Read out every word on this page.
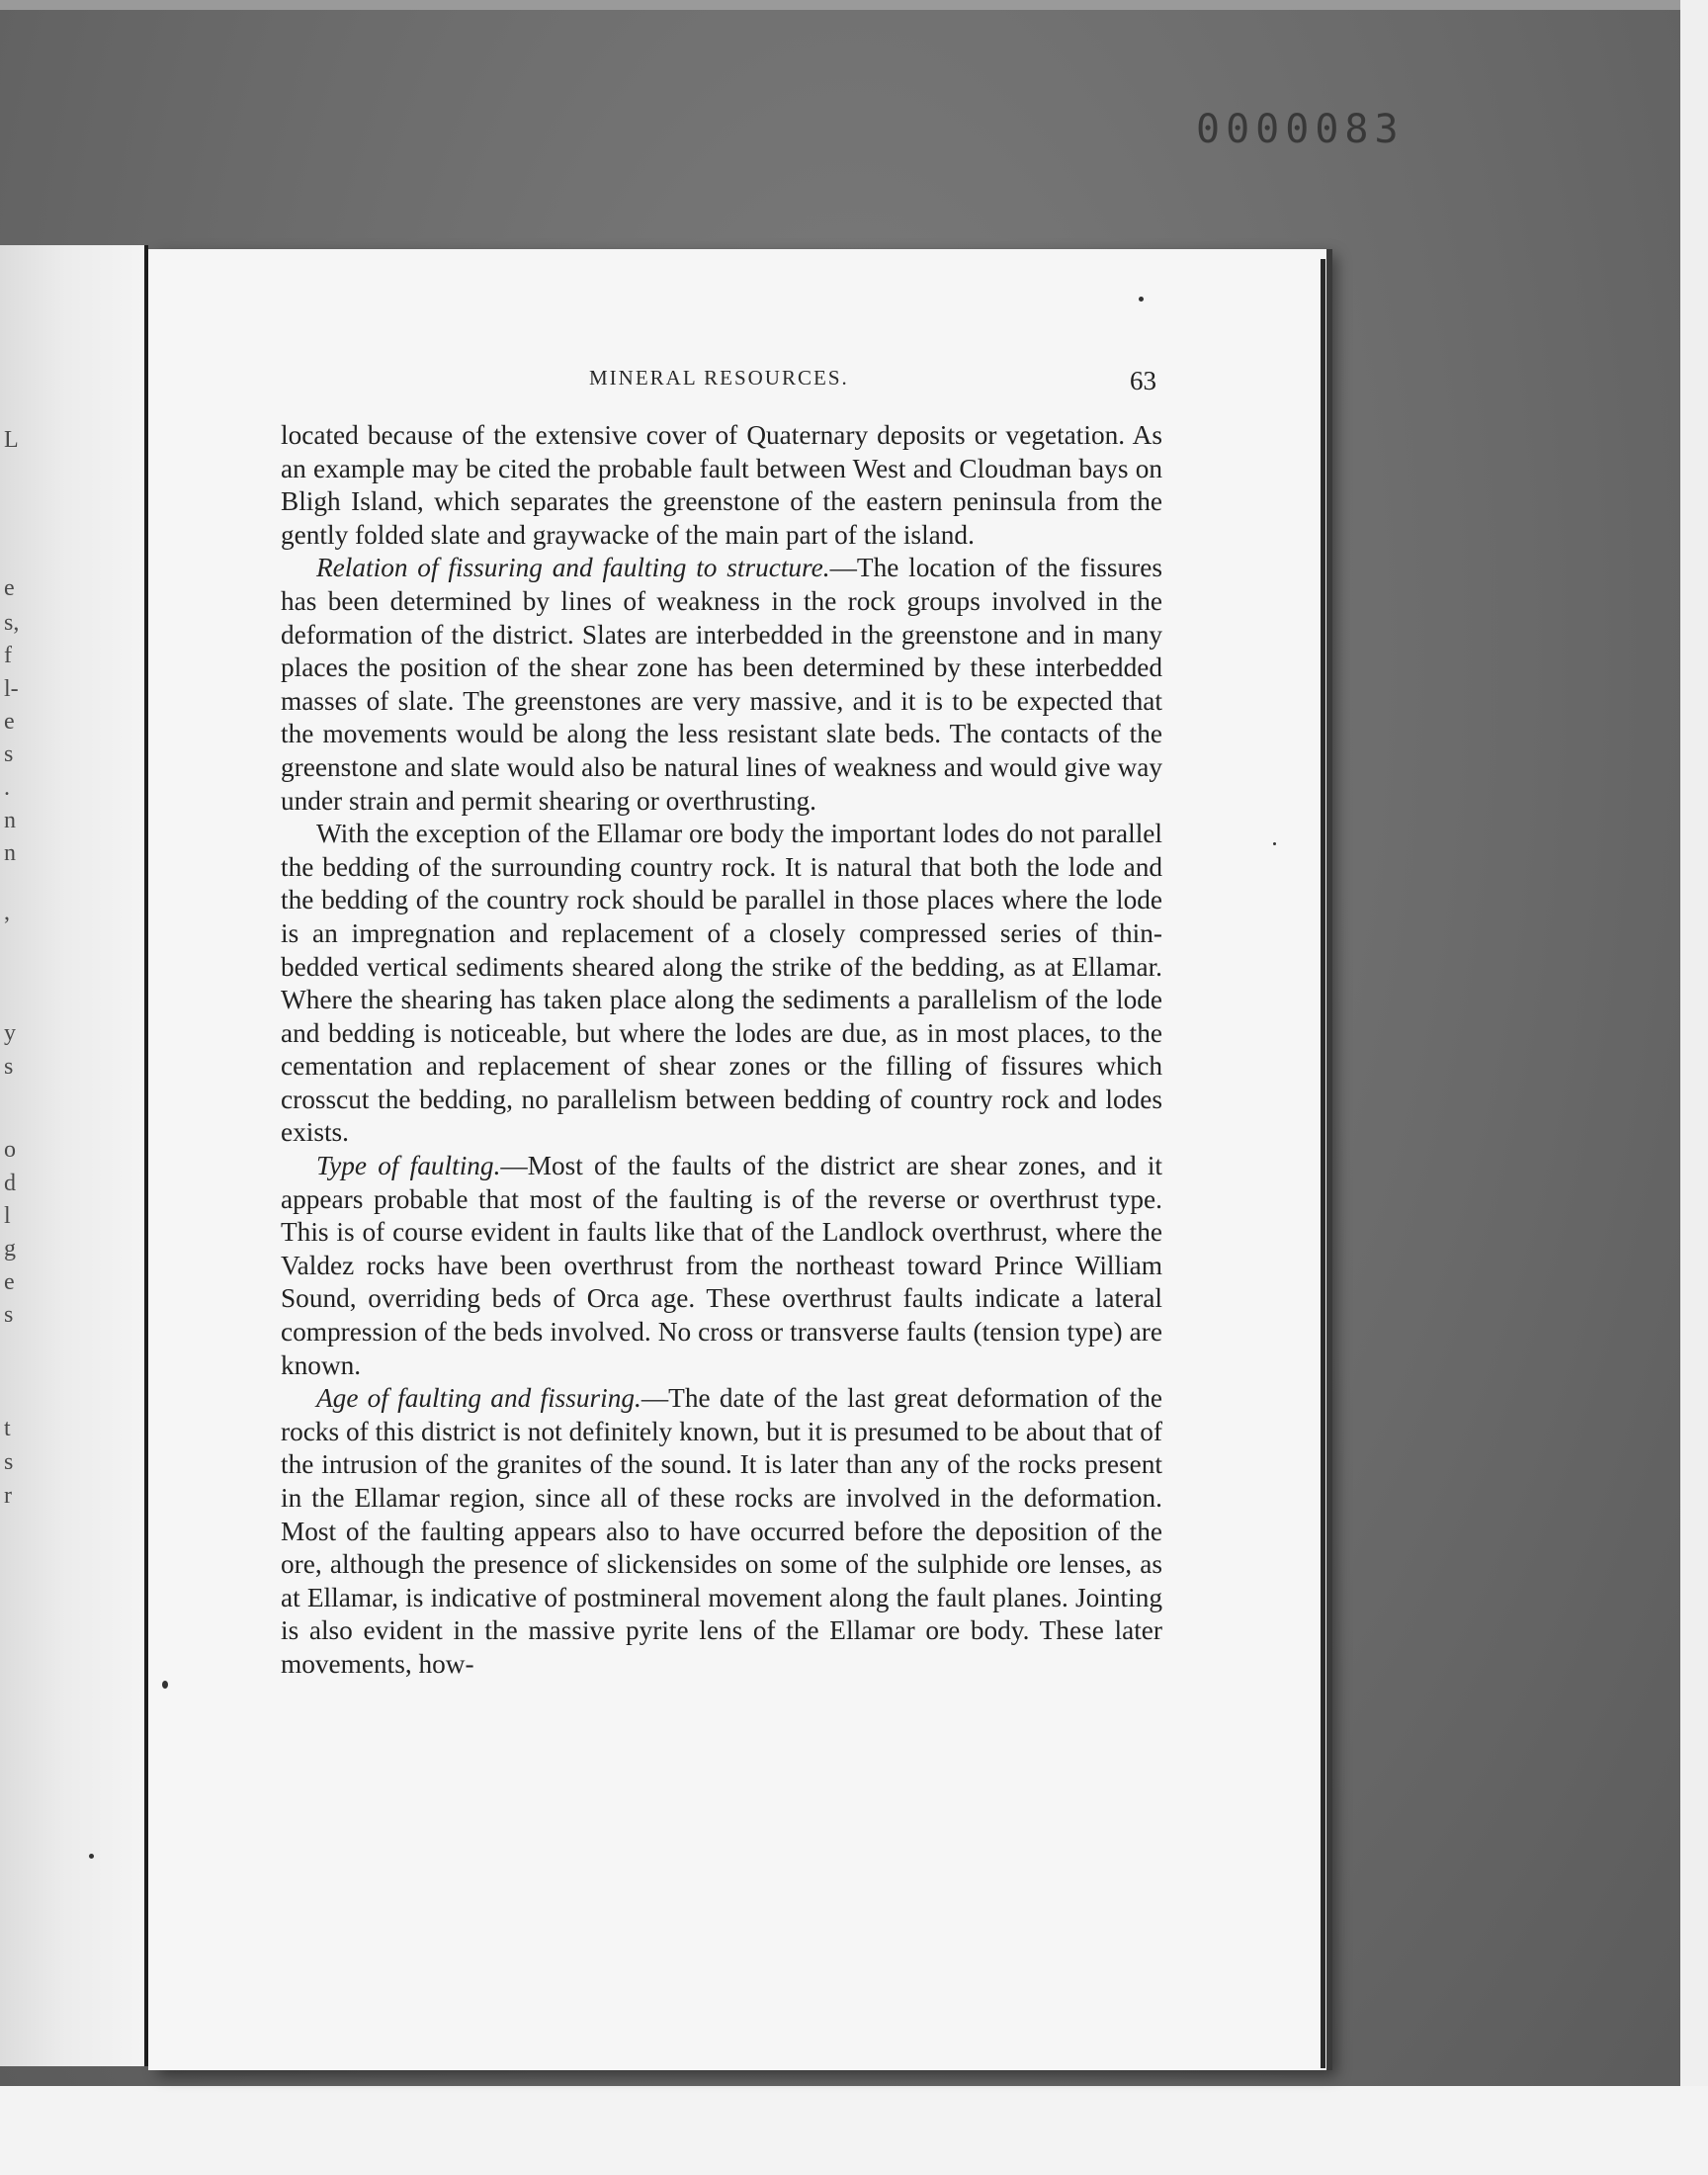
0000083
L
e
s,
f
l-
e
s
.
n
n
,
y
s
o
d
l
g
e
s
t
s
r
MINERAL RESOURCES.	63

located because of the extensive cover of Quaternary deposits or vegetation. As an example may be cited the probable fault between West and Cloudman bays on Bligh Island, which separates the greenstone of the eastern peninsula from the gently folded slate and graywacke of the main part of the island.

Relation of fissuring and faulting to structure.—The location of the fissures has been determined by lines of weakness in the rock groups involved in the deformation of the district. Slates are interbedded in the greenstone and in many places the position of the shear zone has been determined by these interbedded masses of slate. The greenstones are very massive, and it is to be expected that the movements would be along the less resistant slate beds. The contacts of the greenstone and slate would also be natural lines of weakness and would give way under strain and permit shearing or overthrusting.

With the exception of the Ellamar ore body the important lodes do not parallel the bedding of the surrounding country rock. It is natural that both the lode and the bedding of the country rock should be parallel in those places where the lode is an impregnation and replacement of a closely compressed series of thin-bedded vertical sediments sheared along the strike of the bedding, as at Ellamar. Where the shearing has taken place along the sediments a parallelism of the lode and bedding is noticeable, but where the lodes are due, as in most places, to the cementation and replacement of shear zones or the filling of fissures which crosscut the bedding, no parallelism between bedding of country rock and lodes exists.

Type of faulting.—Most of the faults of the district are shear zones, and it appears probable that most of the faulting is of the reverse or overthrust type. This is of course evident in faults like that of the Landlock overthrust, where the Valdez rocks have been overthrust from the northeast toward Prince William Sound, overriding beds of Orca age. These overthrust faults indicate a lateral compression of the beds involved. No cross or transverse faults (tension type) are known.

Age of faulting and fissuring.—The date of the last great deformation of the rocks of this district is not definitely known, but it is presumed to be about that of the intrusion of the granites of the sound. It is later than any of the rocks present in the Ellamar region, since all of these rocks are involved in the deformation. Most of the faulting appears also to have occurred before the deposition of the ore, although the presence of slickensides on some of the sulphide ore lenses, as at Ellamar, is indicative of postmineral movement along the fault planes. Jointing is also evident in the massive pyrite lens of the Ellamar ore body. These later movements, how-
